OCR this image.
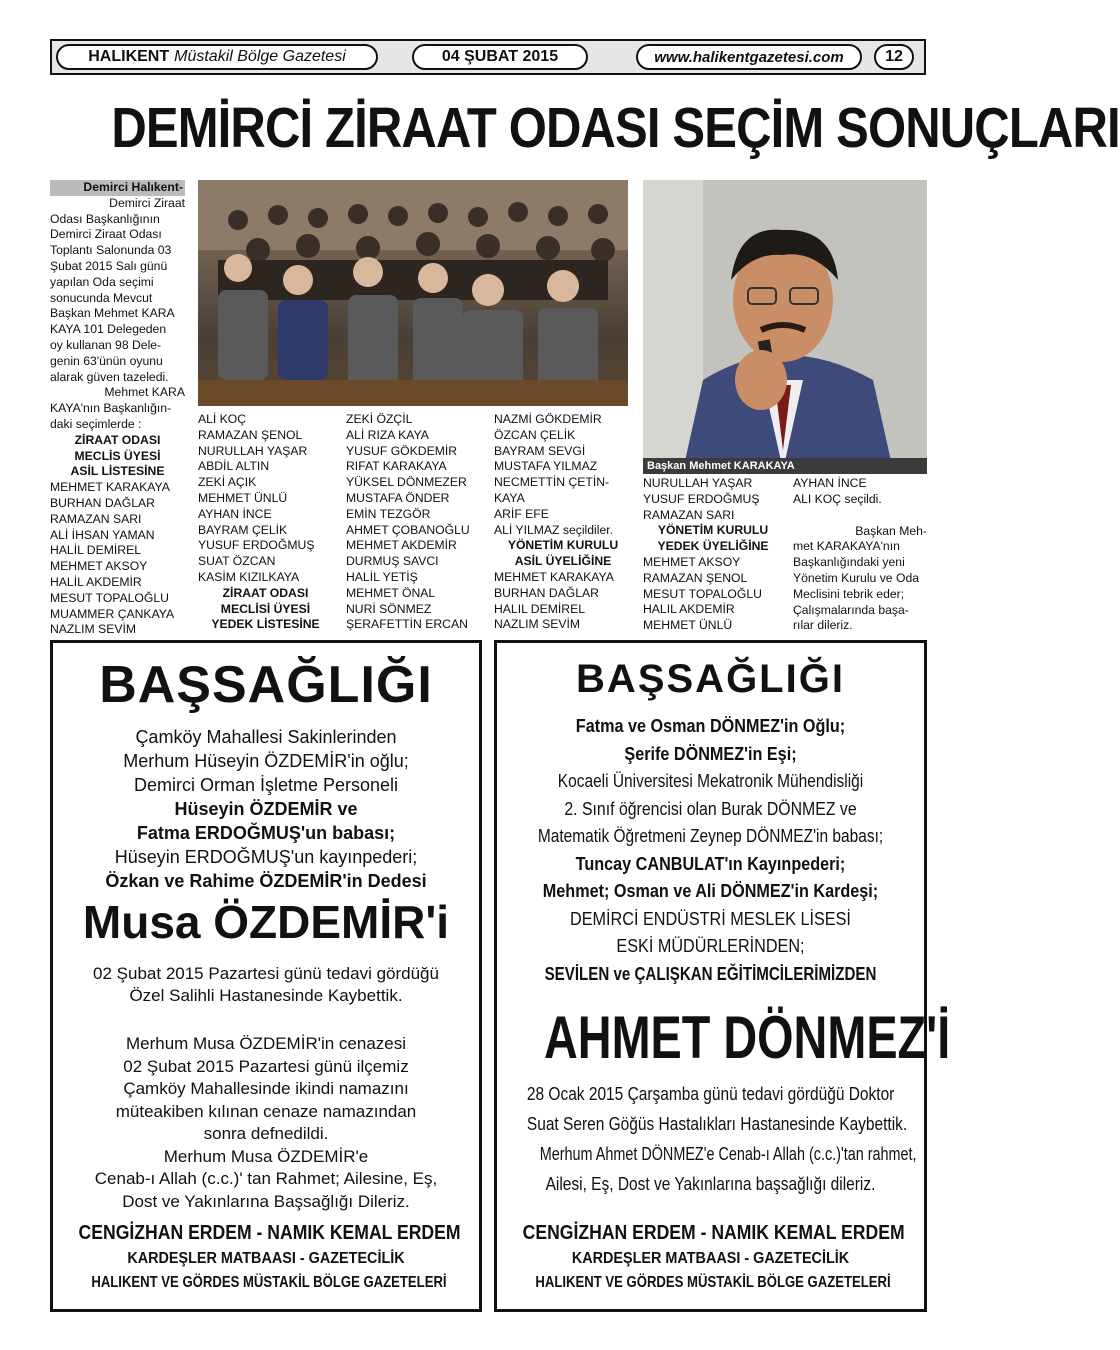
HALIKENT Müstakil Bölge Gazetesi	04 ŞUBAT 2015	www.halikentgazetesi.com	12
DEMİRCİ ZİRAAT ODASI SEÇİM SONUÇLARI
Demirci Halıkent-
Demirci Ziraat
Odası Başkanlığının
Demirci Ziraat Odası
Toplantı Salonunda 03
Şubat 2015 Salı günü
yapılan Oda seçimi
sonucunda Mevcut
Başkan Mehmet KARA
KAYA 101 Delegeden
oy kullanan 98 Dele-
genin 63'ünün oyunu
alarak güven tazeledi.
Mehmet KARA
KAYA'nın Başkanlığın-
daki seçimlerde :
ZİRAAT ODASI
MECLİS ÜYESİ
ASİL LİSTESİNE
MEHMET KARAKAYA
BURHAN DAĞLAR
RAMAZAN SARI
ALİ İHSAN YAMAN
HALİL DEMİREL
MEHMET AKSOY
HALİL AKDEMİR
MESUT TOPALOĞLU
MUAMMER ÇANKAYA
NAZLIM SEVİM
ALİ KOÇ
RAMAZAN ŞENOL
NURULLAH YAŞAR
ABDİL ALTIN
ZEKİ AÇIK
MEHMET ÜNLÜ
AYHAN İNCE
BAYRAM ÇELİK
YUSUF ERDOĞMUŞ
SUAT ÖZCAN
KASİM KIZILKAYA
ZİRAAT ODASI
MECLİSİ ÜYESİ
YEDEK LİSTESİNE
ZEKİ ÖZÇİL
ALİ RIZA KAYA
YUSUF GÖKDEMİR
RIFAT KARAKAYA
YÜKSEL DÖNMEZER
MUSTAFA ÖNDER
EMİN TEZGÖR
AHMET ÇOBANOĞLU
MEHMET AKDEMİR
DURMUŞ SAVCI
HALİL YETİŞ
MEHMET ÖNAL
NURİ SÖNMEZ
ŞERAFETTİN ERCAN
NAZMİ GÖKDEMİR
ÖZCAN ÇELİK
BAYRAM SEVGİ
MUSTAFA YILMAZ
NECMETTİN ÇETİN-
KAYA
ARİF EFE
ALİ YILMAZ seçildiler.
YÖNETİM KURULU
ASİL ÜYELİĞİNE
MEHMET KARAKAYA
BURHAN DAĞLAR
HALIL DEMİREL
NAZLIM SEVİM
Başkan Mehmet KARAKAYA
NURULLAH YAŞAR
YUSUF ERDOĞMUŞ
RAMAZAN SARI
YÖNETİM KURULU
YEDEK ÜYELİĞİNE
MEHMET AKSOY
RAMAZAN ŞENOL
MESUT TOPALOĞLU
HALIL AKDEMİR
MEHMET ÜNLÜ
AYHAN İNCE
ALI KOÇ seçildi.
Başkan Meh-
met KARAKAYA'nın
Başkanlığındaki yeni
Yönetim Kurulu ve Oda
Meclisini tebrik eder;
Çalışmalarında başa-
rılar dileriz.
BAŞSAĞLIĞI
Çamköy Mahallesi Sakinlerinden
Merhum Hüseyin ÖZDEMİR'in oğlu;
Demirci Orman İşletme Personeli
Hüseyin ÖZDEMİR ve
Fatma ERDOĞMUŞ'un babası;
Hüseyin ERDOĞMUŞ'un kayınpederi;
Özkan ve Rahime ÖZDEMİR'in Dedesi
Musa ÖZDEMİR'i
02 Şubat 2015 Pazartesi günü tedavi gördüğü
Özel Salihli Hastanesinde Kaybettik.
Merhum Musa ÖZDEMİR'in cenazesi
02 Şubat 2015 Pazartesi günü ilçemiz
Çamköy Mahallesinde ikindi namazını
müteakiben kılınan cenaze namazından
sonra defnedildi.
Merhum Musa ÖZDEMİR'e
Cenab-ı Allah (c.c.)' tan Rahmet; Ailesine, Eş,
Dost ve Yakınlarına Başsağlığı Dileriz.
CENGİZHAN ERDEM - NAMIK KEMAL ERDEM
KARDEŞLER MATBAASI - GAZETECİLİK
HALIKENT VE GÖRDES MÜSTAKİL BÖLGE GAZETELERİ
BAŞSAĞLIĞI
Fatma ve Osman DÖNMEZ'in Oğlu;
Şerife DÖNMEZ'in Eşi;
Kocaeli Üniversitesi Mekatronik Mühendisliği
2. Sınıf öğrencisi olan Burak DÖNMEZ ve
Matematik Öğretmeni Zeynep DÖNMEZ'in babası;
Tuncay CANBULAT'ın Kayınpederi;
Mehmet; Osman ve Ali DÖNMEZ'in Kardeşi;
DEMİRCİ ENDÜSTRİ MESLEK LİSESİ
ESKİ MÜDÜRLERİNDEN;
SEVİLEN ve ÇALIŞKAN EĞİTİMCİLERİMİZDEN
AHMET DÖNMEZ'İ
28 Ocak 2015 Çarşamba günü tedavi gördüğü Doktor
Suat Seren Göğüs Hastalıkları Hastanesinde Kaybettik.
Merhum Ahmet DÖNMEZ'e Cenab-ı Allah (c.c.)'tan rahmet,
Ailesi, Eş, Dost ve Yakınlarına başsağlığı dileriz.
CENGİZHAN ERDEM - NAMIK KEMAL ERDEM
KARDEŞLER MATBAASI - GAZETECİLİK
HALIKENT VE GÖRDES MÜSTAKİL BÖLGE GAZETELERİ
